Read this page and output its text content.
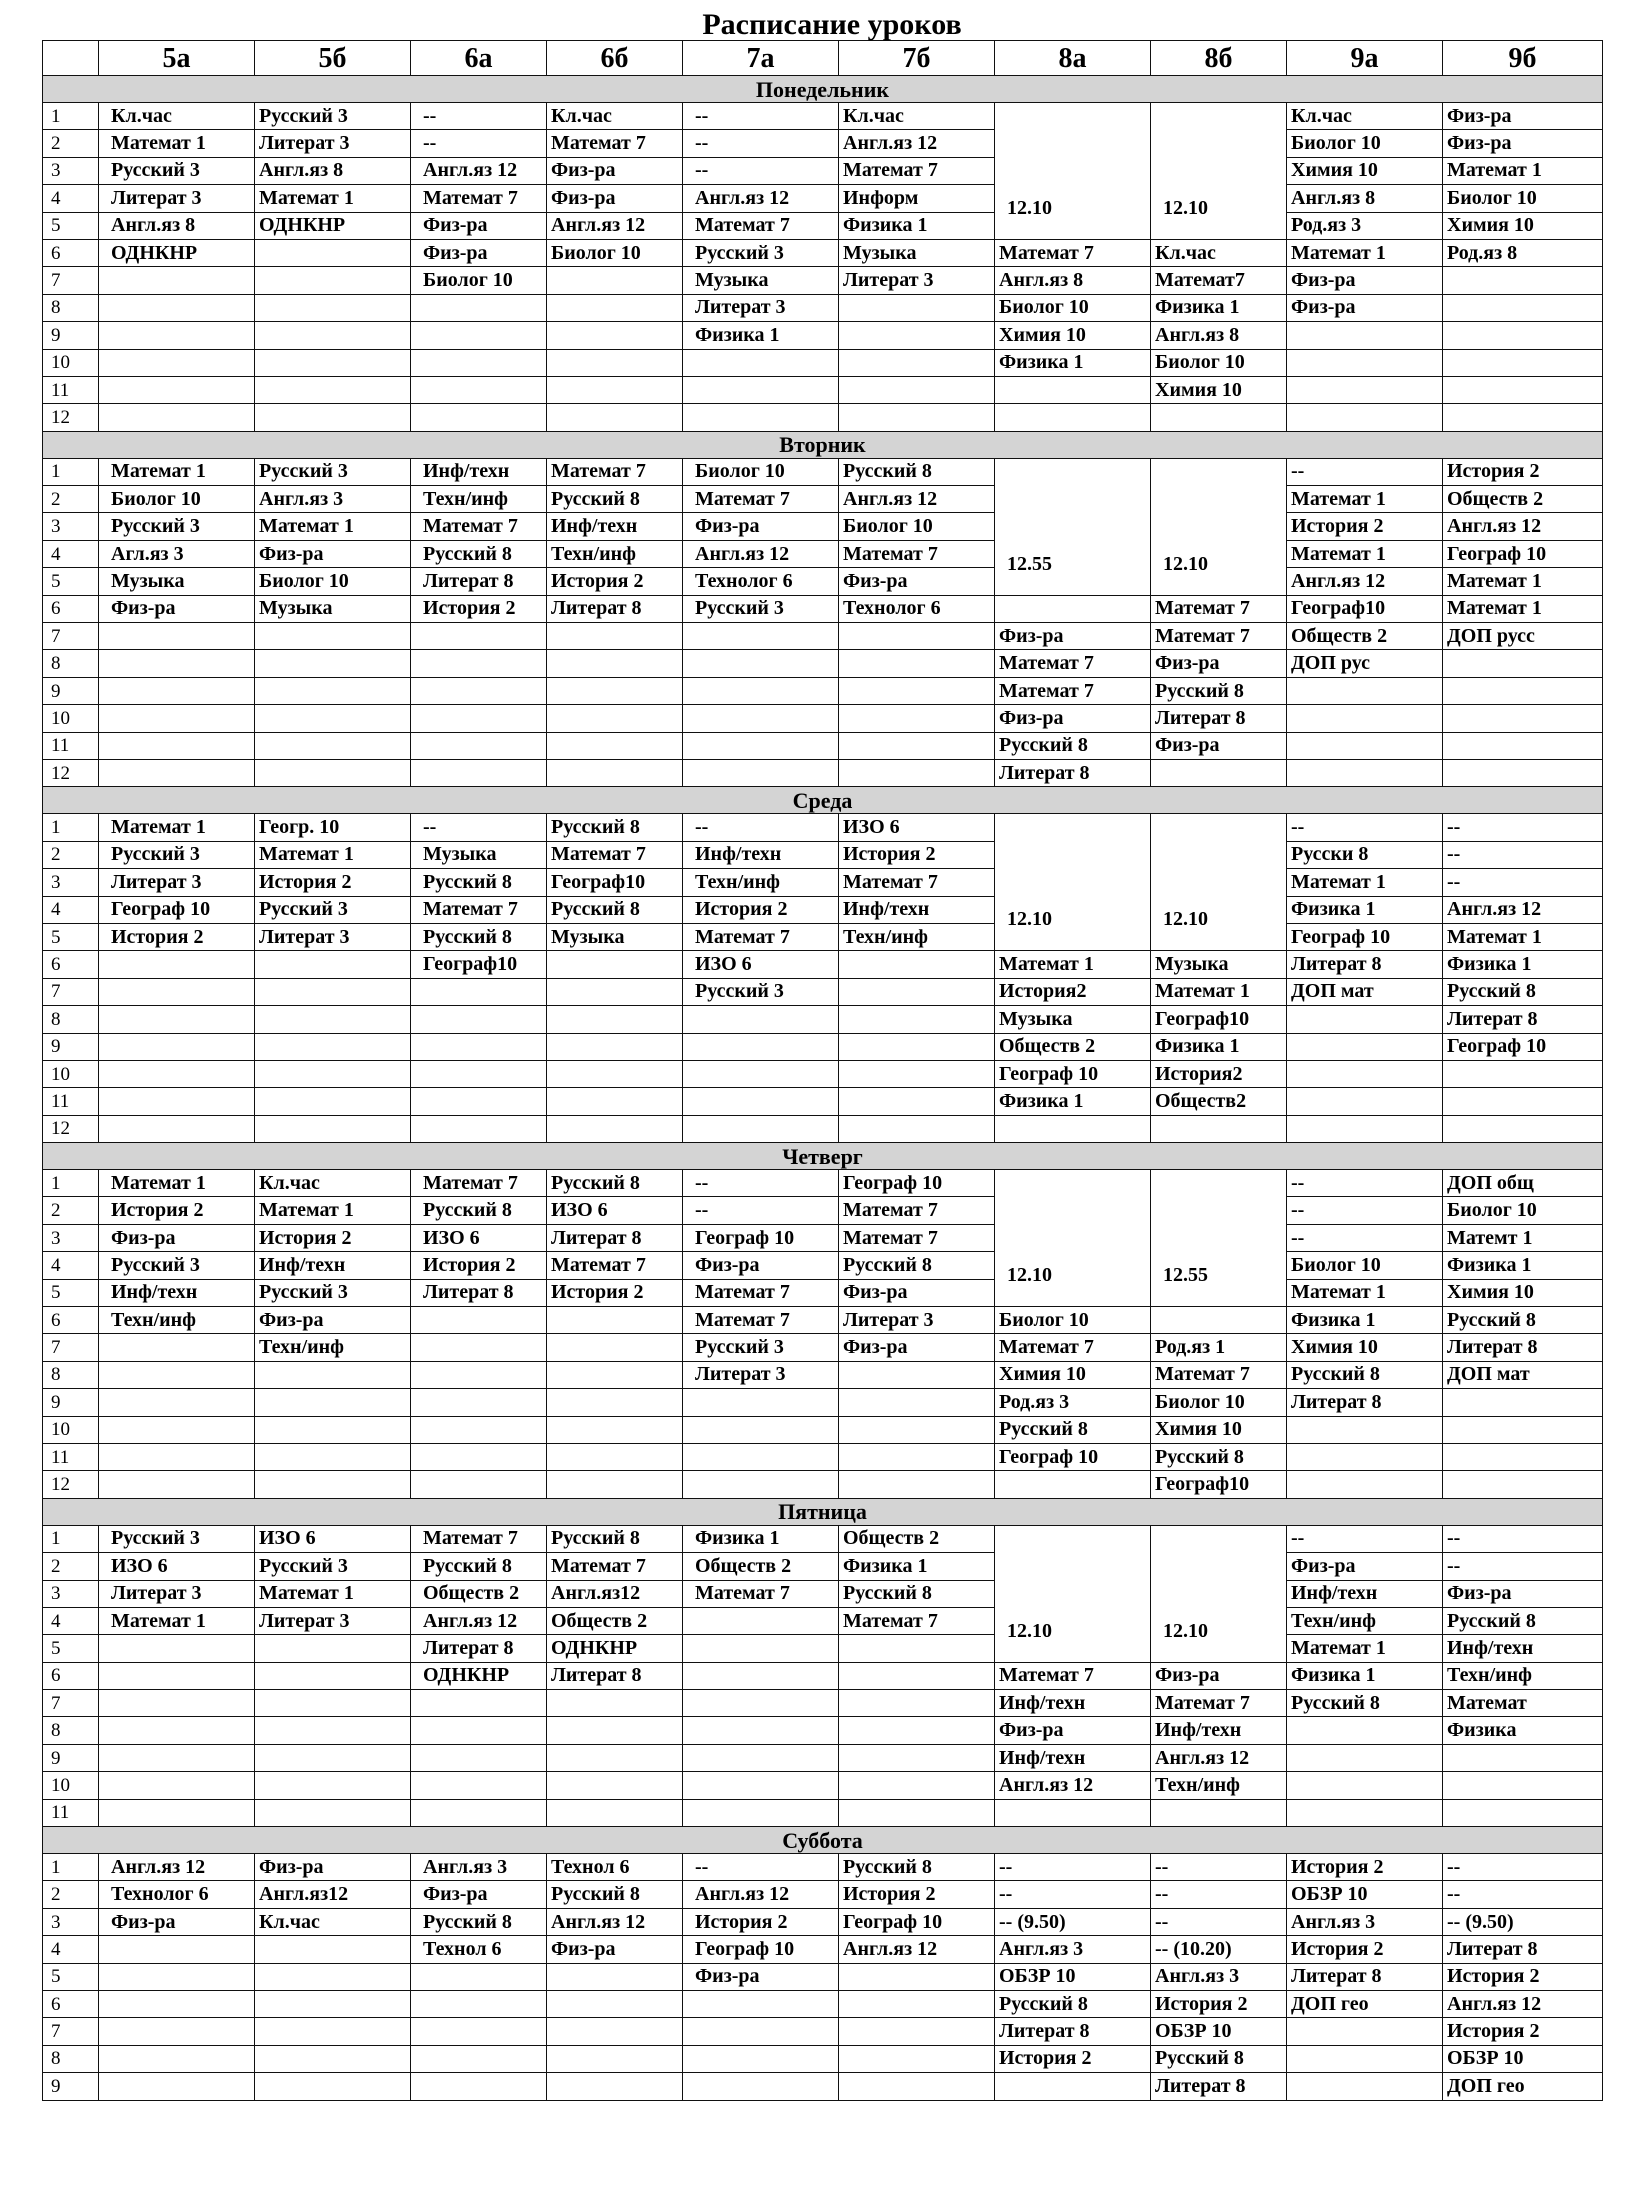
Расписание уроков
	5а	5б	6а	6б	7а	7б	8а	8б	9а	9б
Понедельник										
1	Кл.час	Русский 3	--	Кл.час	--	Кл.час	12.10	12.10	Кл.час	Физ-ра
2	Математ 1	Литерат 3	--	Математ 7	--	Англ.яз 12			Биолог 10	Физ-ра
3	Русский 3	Англ.яз 8	Англ.яз 12	Физ-ра	--	Математ 7			Химия 10	Математ 1
4	Литерат 3	Математ 1	Математ 7	Физ-ра	Англ.яз 12	Информ			Англ.яз 8	Биолог 10
5	Англ.яз 8	ОДНКНР	Физ-ра	Англ.яз 12	Математ 7	Физика 1			Род.яз 3	Химия 10
6	ОДНКНР		Физ-ра	Биолог 10	Русский 3	Музыка	Математ 7	Кл.час	Математ 1	Род.яз 8
7			Биолог 10		Музыка	Литерат 3	Англ.яз 8	Математ7	Физ-ра	
8					Литерат 3		Биолог 10	Физика 1	Физ-ра	
9					Физика 1		Химия 10	Англ.яз 8		
10							Физика 1	Биолог 10		
11								Химия 10		
12										
Вторник										
1	Математ 1	Русский 3	Инф/техн	Математ 7	Биолог 10	Русский 8	12.55	12.10	--	История 2
2	Биолог 10	Англ.яз 3	Техн/инф	Русский 8	Математ 7	Англ.яз 12			Математ 1	Обществ 2
3	Русский 3	Математ 1	Математ 7	Инф/техн	Физ-ра	Биолог 10			История 2	Англ.яз 12
4	Агл.яз 3	Физ-ра	Русский 8	Техн/инф	Англ.яз 12	Математ 7			Математ 1	Географ 10
5	Музыка	Биолог 10	Литерат 8	История 2	Технолог 6	Физ-ра			Англ.яз 12	Математ 1
6	Физ-ра	Музыка	История 2	Литерат 8	Русский 3	Технолог 6		Математ 7	Географ10	Математ 1
7							Физ-ра	Математ 7	Обществ 2	ДОП русс
8							Математ 7	Физ-ра	ДОП рус	
9							Математ 7	Русский 8		
10							Физ-ра	Литерат 8		
11							Русский 8	Физ-ра		
12							Литерат 8			
Среда										
1	Математ 1	Геогр. 10	--	Русский 8	--	ИЗО 6	12.10	12.10	--	--
2	Русский 3	Математ 1	Музыка	Математ 7	Инф/техн	История 2			Русски 8	--
3	Литерат 3	История 2	Русский 8	Географ10	Техн/инф	Математ 7			Математ 1	--
4	Географ 10	Русский 3	Математ 7	Русский 8	История 2	Инф/техн			Физика 1	Англ.яз 12
5	История 2	Литерат 3	Русский 8	Музыка	Математ 7	Техн/инф			Географ 10	Математ 1
6			Географ10		ИЗО 6		Математ 1	Музыка	Литерат 8	Физика 1
7					Русский 3		История2	Математ 1	ДОП мат	Русский 8
8							Музыка	Географ10		Литерат 8
9							Обществ 2	Физика 1		Географ 10
10							Географ 10	История2		
11							Физика 1	Обществ2		
12										
Четверг										
1	Математ 1	Кл.час	Математ 7	Русский 8	--	Географ 10	12.10	12.55	--	ДОП общ
2	История 2	Математ 1	Русский 8	ИЗО 6	--	Математ 7			--	Биолог 10
3	Физ-ра	История 2	ИЗО 6	Литерат 8	Географ 10	Математ 7			--	Матемт 1
4	Русский 3	Инф/техн	История 2	Математ 7	Физ-ра	Русский 8			Биолог 10	Физика 1
5	Инф/техн	Русский 3	Литерат 8	История 2	Математ 7	Физ-ра			Математ 1	Химия 10
6	Техн/инф	Физ-ра			Математ 7	Литерат 3	Биолог 10		Физика 1	Русский 8
7		Техн/инф			Русский 3	Физ-ра	Математ 7	Род.яз 1	Химия 10	Литерат 8
8					Литерат 3		Химия 10	Математ 7	Русский 8	ДОП мат
9							Род.яз 3	Биолог 10	Литерат 8	
10							Русский 8	Химия 10		
11							Географ 10	Русский 8		
12								Географ10		
Пятница										
1	Русский 3	ИЗО 6	Математ 7	Русский 8	Физика 1	Обществ 2	12.10	12.10	--	--
2	ИЗО 6	Русский 3	Русский 8	Математ 7	Обществ 2	Физика 1			Физ-ра	--
3	Литерат 3	Математ 1	Обществ 2	Англ.яз12	Математ 7	Русский 8			Инф/техн	Физ-ра
4	Математ 1	Литерат 3	Англ.яз 12	Обществ 2		Математ 7			Техн/инф	Русский 8
5			Литерат 8	ОДНКНР					Математ 1	Инф/техн
6			ОДНКНР	Литерат 8			Математ 7	Физ-ра	Физика 1	Техн/инф
7							Инф/техн	Математ 7	Русский 8	Математ
8							Физ-ра	Инф/техн		Физика
9							Инф/техн	Англ.яз 12		
10							Англ.яз 12	Техн/инф		
11										
Суббота										
1	Англ.яз 12	Физ-ра	Англ.яз 3	Технол 6	--	Русский 8	--	--	История 2	--
2	Технолог 6	Англ.яз12	Физ-ра	Русский 8	Англ.яз 12	История 2	--	--	ОБЗР 10	--
3	Физ-ра	Кл.час	Русский 8	Англ.яз 12	История 2	Географ 10	-- (9.50)	--	Англ.яз 3	-- (9.50)
4			Технол 6	Физ-ра	Географ 10	Англ.яз 12	Англ.яз 3	-- (10.20)	История 2	Литерат 8
5					Физ-ра		ОБЗР 10	Англ.яз 3	Литерат 8	История 2
6							Русский 8	История 2	ДОП гео	Англ.яз 12
7							Литерат 8	ОБЗР 10		История 2
8							История 2	Русский 8		ОБЗР 10
9								Литерат 8		ДОП гео
